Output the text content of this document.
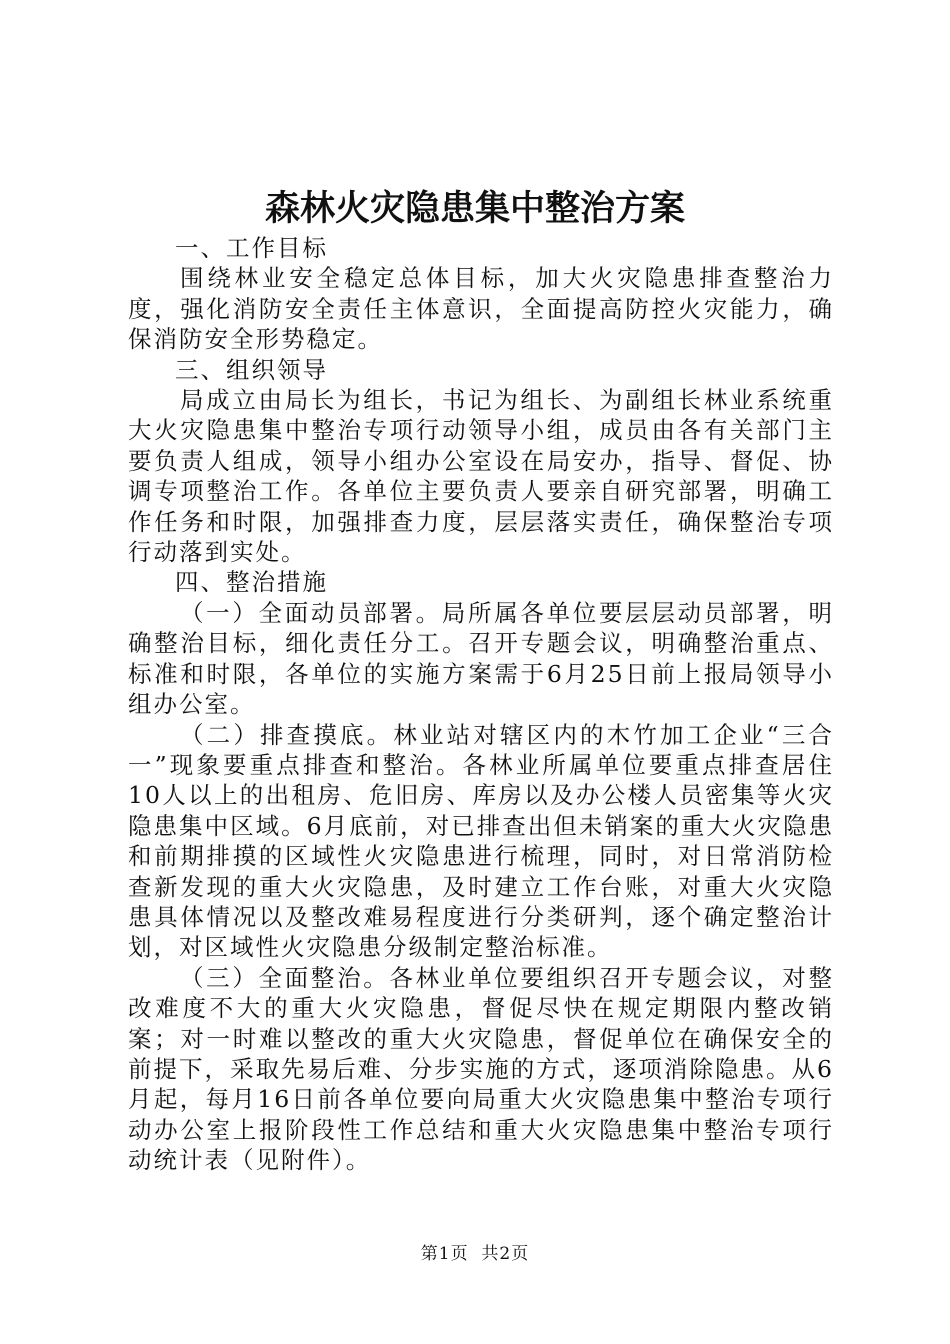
森林火灾隐患集中整治方案

一、工作目标

围绕林业安全稳定总体目标，加大火灾隐患排查整治力度，强化消防安全责任主体意识，全面提高防控火灾能力，确保消防安全形势稳定。

三、组织领导

局成立由局长为组长，书记为组长、为副组长林业系统重大火灾隐患集中整治专项行动领导小组，成员由各有关部门主要负责人组成，领导小组办公室设在局安办，指导、督促、协调专项整治工作。各单位主要负责人要亲自研究部署，明确工作任务和时限，加强排查力度，层层落实责任，确保整治专项行动落到实处。

四、整治措施

（一）全面动员部署。局所属各单位要层层动员部署，明确整治目标，细化责任分工。召开专题会议，明确整治重点、标准和时限，各单位的实施方案需于6月25日前上报局领导小组办公室。

（二）排查摸底。林业站对辖区内的木竹加工企业“三合一”现象要重点排查和整治。各林业所属单位要重点排查居住10人以上的出租房、危旧房、库房以及办公楼人员密集等火灾隐患集中区域。6月底前，对已排查出但未销案的重大火灾隐患和前期排摸的区域性火灾隐患进行梳理，同时，对日常消防检查新发现的重大火灾隐患，及时建立工作台账，对重大火灾隐患具体情况以及整改难易程度进行分类研判，逐个确定整治计划，对区域性火灾隐患分级制定整治标准。

（三）全面整治。各林业单位要组织召开专题会议，对整改难度不大的重大火灾隐患，督促尽快在规定期限内整改销案；对一时难以整改的重大火灾隐患，督促单位在确保安全的前提下，采取先易后难、分步实施的方式，逐项消除隐患。从6月起，每月16日前各单位要向局重大火灾隐患集中整治专项行动办公室上报阶段性工作总结和重大火灾隐患集中整治专项行动统计表（见附件）。

第1页  共2页
